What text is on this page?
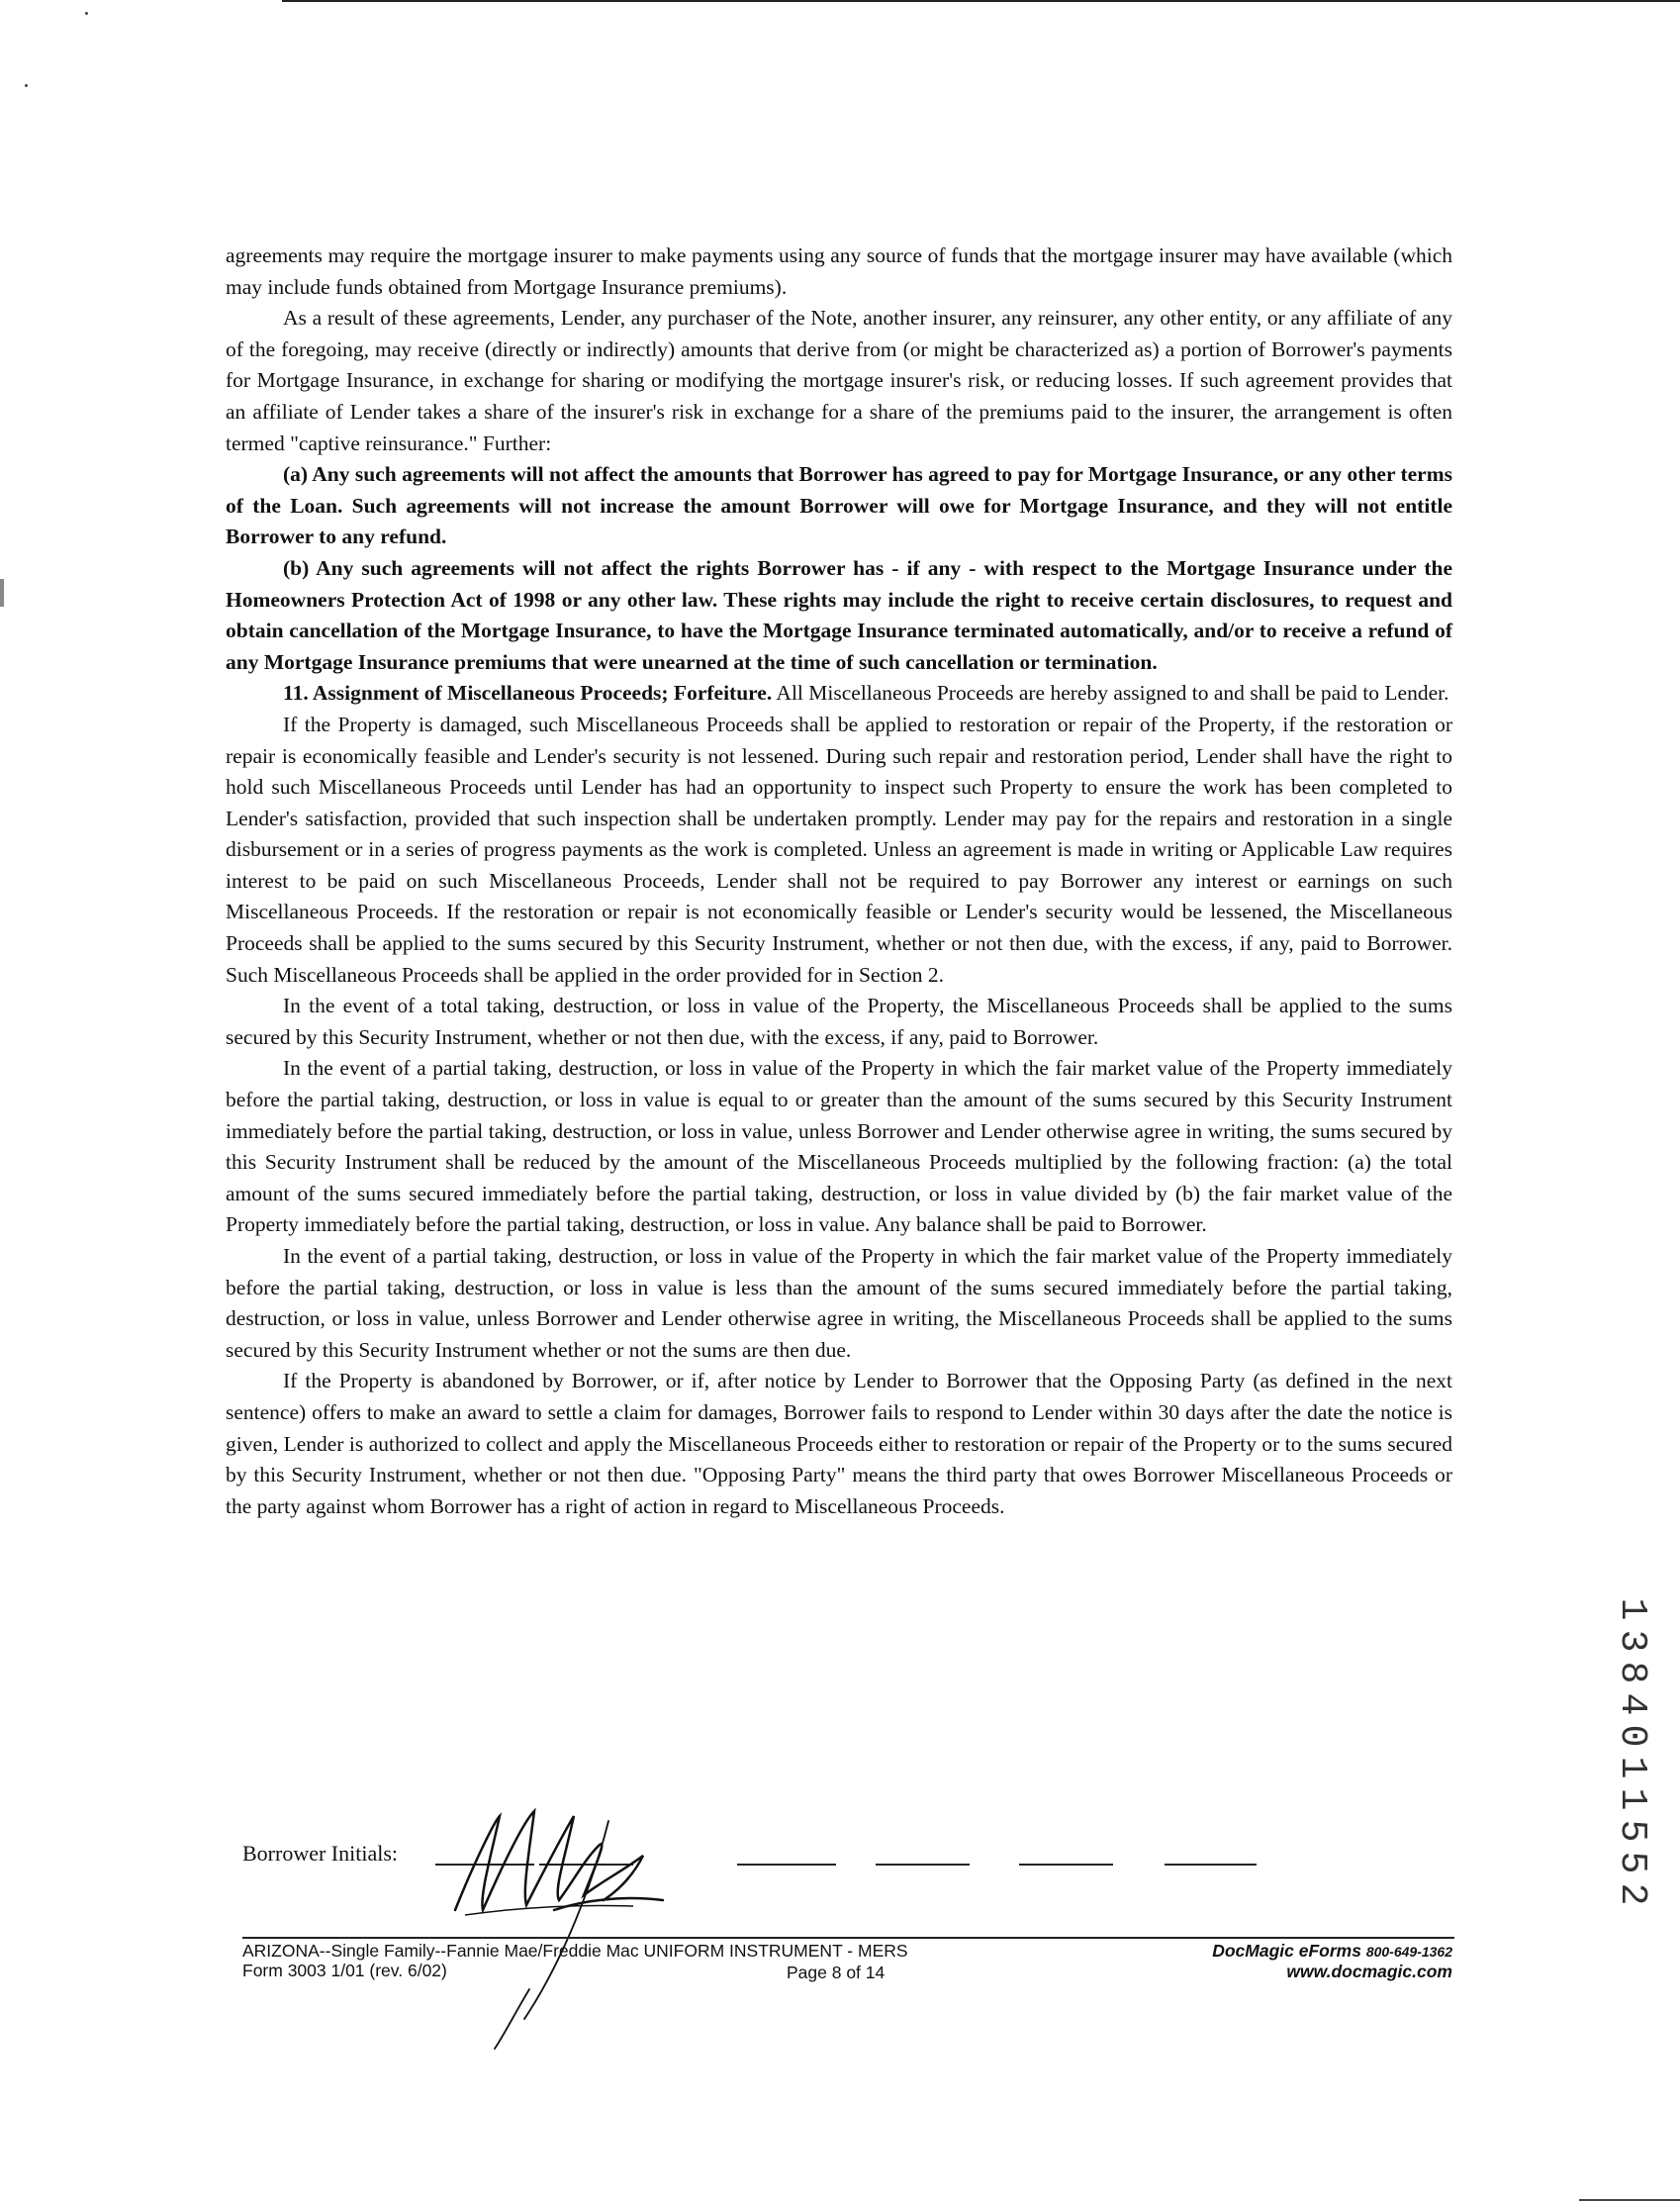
agreements may require the mortgage insurer to make payments using any source of funds that the mortgage insurer may have available (which may include funds obtained from Mortgage Insurance premiums).

As a result of these agreements, Lender, any purchaser of the Note, another insurer, any reinsurer, any other entity, or any affiliate of any of the foregoing, may receive (directly or indirectly) amounts that derive from (or might be characterized as) a portion of Borrower's payments for Mortgage Insurance, in exchange for sharing or modifying the mortgage insurer's risk, or reducing losses. If such agreement provides that an affiliate of Lender takes a share of the insurer's risk in exchange for a share of the premiums paid to the insurer, the arrangement is often termed "captive reinsurance." Further:

(a) Any such agreements will not affect the amounts that Borrower has agreed to pay for Mortgage Insurance, or any other terms of the Loan. Such agreements will not increase the amount Borrower will owe for Mortgage Insurance, and they will not entitle Borrower to any refund.

(b) Any such agreements will not affect the rights Borrower has - if any - with respect to the Mortgage Insurance under the Homeowners Protection Act of 1998 or any other law. These rights may include the right to receive certain disclosures, to request and obtain cancellation of the Mortgage Insurance, to have the Mortgage Insurance terminated automatically, and/or to receive a refund of any Mortgage Insurance premiums that were unearned at the time of such cancellation or termination.

11. Assignment of Miscellaneous Proceeds; Forfeiture. All Miscellaneous Proceeds are hereby assigned to and shall be paid to Lender.

If the Property is damaged, such Miscellaneous Proceeds shall be applied to restoration or repair of the Property, if the restoration or repair is economically feasible and Lender's security is not lessened. During such repair and restoration period, Lender shall have the right to hold such Miscellaneous Proceeds until Lender has had an opportunity to inspect such Property to ensure the work has been completed to Lender's satisfaction, provided that such inspection shall be undertaken promptly. Lender may pay for the repairs and restoration in a single disbursement or in a series of progress payments as the work is completed. Unless an agreement is made in writing or Applicable Law requires interest to be paid on such Miscellaneous Proceeds, Lender shall not be required to pay Borrower any interest or earnings on such Miscellaneous Proceeds. If the restoration or repair is not economically feasible or Lender's security would be lessened, the Miscellaneous Proceeds shall be applied to the sums secured by this Security Instrument, whether or not then due, with the excess, if any, paid to Borrower. Such Miscellaneous Proceeds shall be applied in the order provided for in Section 2.

In the event of a total taking, destruction, or loss in value of the Property, the Miscellaneous Proceeds shall be applied to the sums secured by this Security Instrument, whether or not then due, with the excess, if any, paid to Borrower.

In the event of a partial taking, destruction, or loss in value of the Property in which the fair market value of the Property immediately before the partial taking, destruction, or loss in value is equal to or greater than the amount of the sums secured by this Security Instrument immediately before the partial taking, destruction, or loss in value, unless Borrower and Lender otherwise agree in writing, the sums secured by this Security Instrument shall be reduced by the amount of the Miscellaneous Proceeds multiplied by the following fraction: (a) the total amount of the sums secured immediately before the partial taking, destruction, or loss in value divided by (b) the fair market value of the Property immediately before the partial taking, destruction, or loss in value. Any balance shall be paid to Borrower.

In the event of a partial taking, destruction, or loss in value of the Property in which the fair market value of the Property immediately before the partial taking, destruction, or loss in value is less than the amount of the sums secured immediately before the partial taking, destruction, or loss in value, unless Borrower and Lender otherwise agree in writing, the Miscellaneous Proceeds shall be applied to the sums secured by this Security Instrument whether or not the sums are then due.

If the Property is abandoned by Borrower, or if, after notice by Lender to Borrower that the Opposing Party (as defined in the next sentence) offers to make an award to settle a claim for damages, Borrower fails to respond to Lender within 30 days after the date the notice is given, Lender is authorized to collect and apply the Miscellaneous Proceeds either to restoration or repair of the Property or to the sums secured by this Security Instrument, whether or not then due. "Opposing Party" means the third party that owes Borrower Miscellaneous Proceeds or the party against whom Borrower has a right of action in regard to Miscellaneous Proceeds.

Borrower Initials:
ARIZONA--Single Family--Fannie Mae/Freddie Mac UNIFORM INSTRUMENT - MERS
Form 3003 1/01 (rev. 6/02)	Page 8 of 14
DocMagic eForms 800-649-1362
www.docmagic.com
1
3
8
4
0
1
1
5
5
2
